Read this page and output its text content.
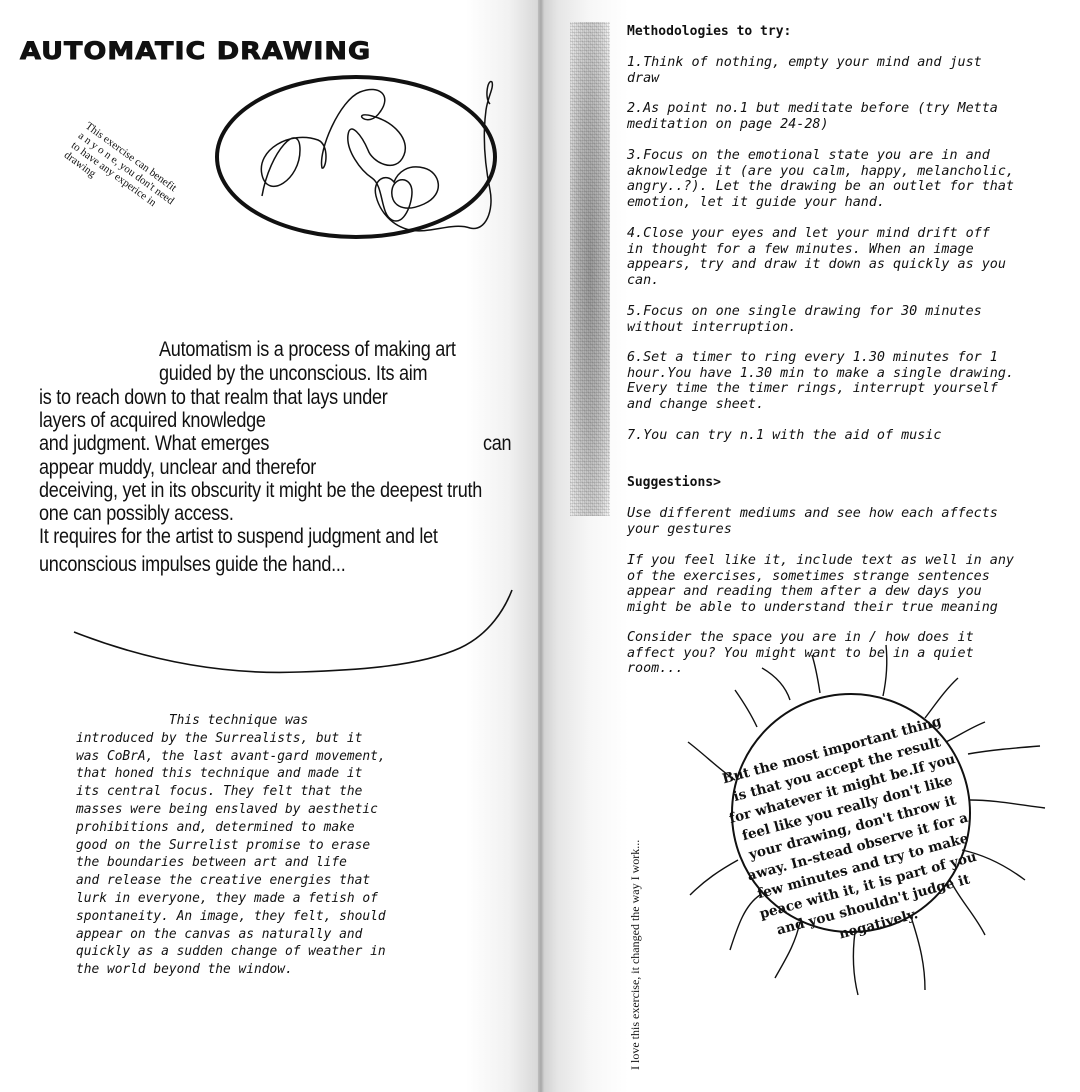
AUTOMATIC DRAWING
This exercise can benefit a n y o n e, you don't need to have any experice in drawing
Automatism is a process of making art
guided by the unconscious. Its aim
is to reach down to that realm that lays under
layers of acquired knowledge
and judgment. What emerges	can
appear muddy, unclear and therefor
deceiving, yet in its obscurity it might be the deepest truth
one can possibly access.
It requires for the artist to suspend judgment and let
unconscious impulses guide the hand...
This technique was
introduced by the Surrealists, but it
was CoBrA, the last avant-gard movement,
that honed this technique and made it
its central focus. They felt that the
masses were being enslaved by aesthetic
prohibitions and, determined to make
good on the Surrelist promise to erase
the boundaries between art and life
and release the creative energies that
lurk in everyone, they made a fetish of
spontaneity. An image, they felt, should
appear on the canvas as naturally and
quickly as a sudden change of weather in
the world beyond the window.
Methodologies to try:
1.Think of nothing, empty your mind and just
draw
2.As point no.1 but meditate before (try Metta
meditation on page 24-28)
3.Focus on the emotional state you are in and
aknowledge it (are you calm, happy, melancholic,
angry..?). Let the drawing be an outlet for that
emotion, let it guide your hand.
4.Close your eyes and let your mind drift off
in thought for a few minutes. When an image
appears, try and draw it down as quickly as you
can.
5.Focus on one single drawing for 30 minutes
without interruption.
6.Set a timer to ring every 1.30 minutes for 1
hour.You have 1.30 min to make a single drawing.
Every time the timer rings, interrupt yourself
and change sheet.
7.You can try n.1 with the aid of music
Suggestions>
Use different mediums and see how each affects
your gestures
If you feel like it, include text as well in any
of the exercises, sometimes strange sentences
appear and reading them after a dew days you
might be able to understand their true meaning
Consider the space you are in / how does it
affect you? You might want to be in a quiet
room...
But the most important thing is that you accept the result for whatever it might be.If you feel like you really don't like your drawing, don't throw it away. In-stead observe it for a few minutes and try to make peace with it, it is part of you and you shouldn't judge it negatively.
I love this exercise, it changed the way I work...
